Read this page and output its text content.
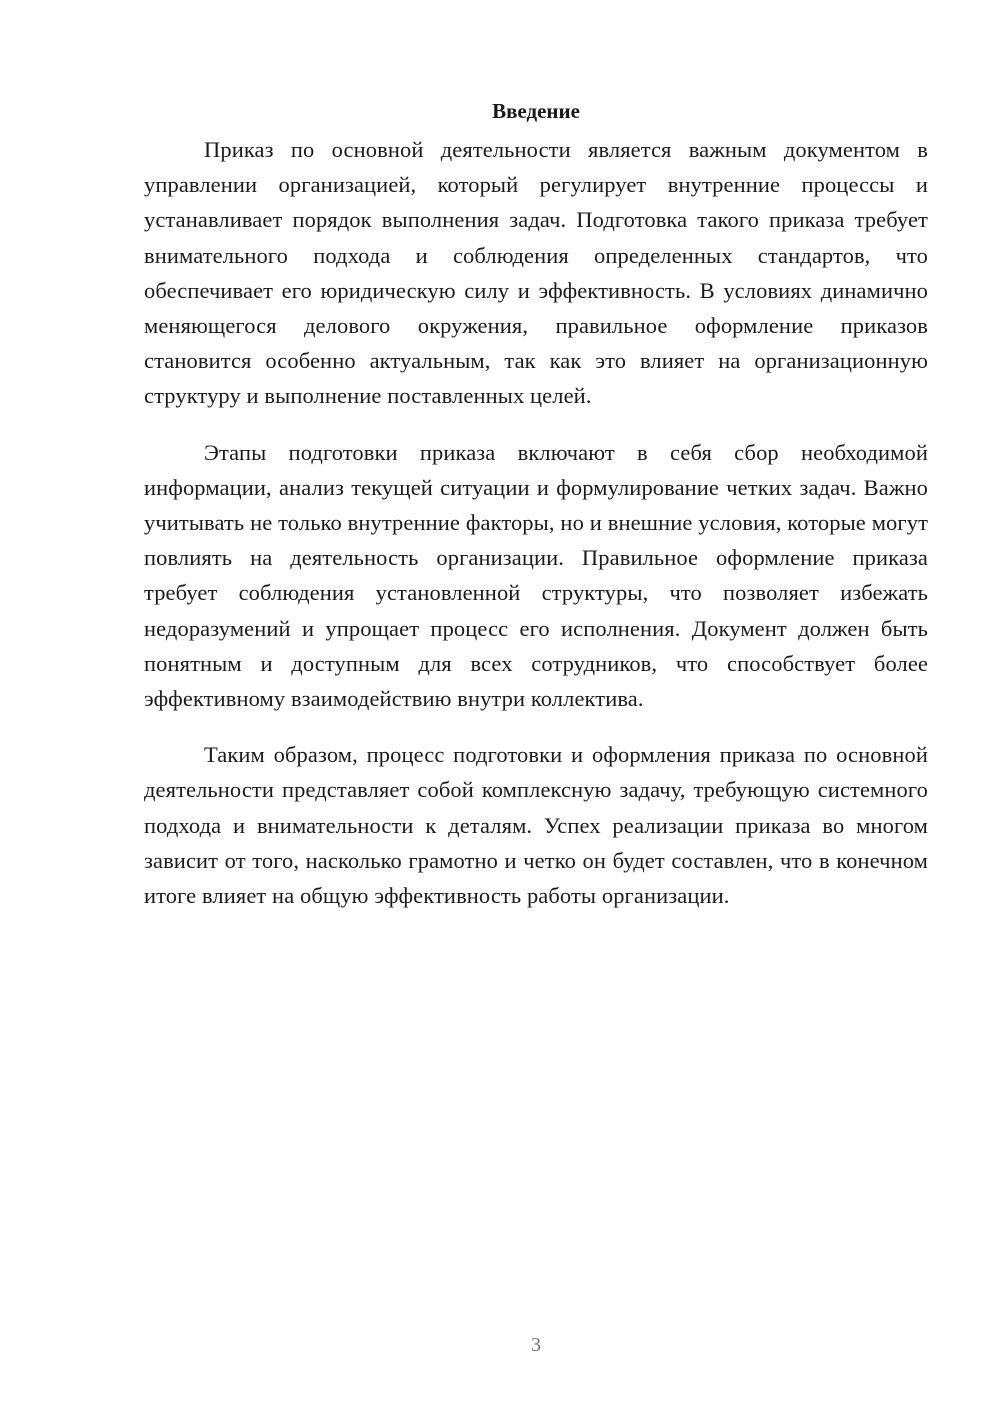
Введение

Приказ по основной деятельности является важным документом в управлении организацией, который регулирует внутренние процессы и устанавливает порядок выполнения задач. Подготовка такого приказа требует внимательного подхода и соблюдения определенных стандартов, что обеспечивает его юридическую силу и эффективность. В условиях динамично меняющегося делового окружения, правильное оформление приказов становится особенно актуальным, так как это влияет на организационную структуру и выполнение поставленных целей.

Этапы подготовки приказа включают в себя сбор необходимой информации, анализ текущей ситуации и формулирование четких задач. Важно учитывать не только внутренние факторы, но и внешние условия, которые могут повлиять на деятельность организации. Правильное оформление приказа требует соблюдения установленной структуры, что позволяет избежать недоразумений и упрощает процесс его исполнения. Документ должен быть понятным и доступным для всех сотрудников, что способствует более эффективному взаимодействию внутри коллектива.

Таким образом, процесс подготовки и оформления приказа по основной деятельности представляет собой комплексную задачу, требующую системного подхода и внимательности к деталям. Успех реализации приказа во многом зависит от того, насколько грамотно и четко он будет составлен, что в конечном итоге влияет на общую эффективность работы организации.

3
